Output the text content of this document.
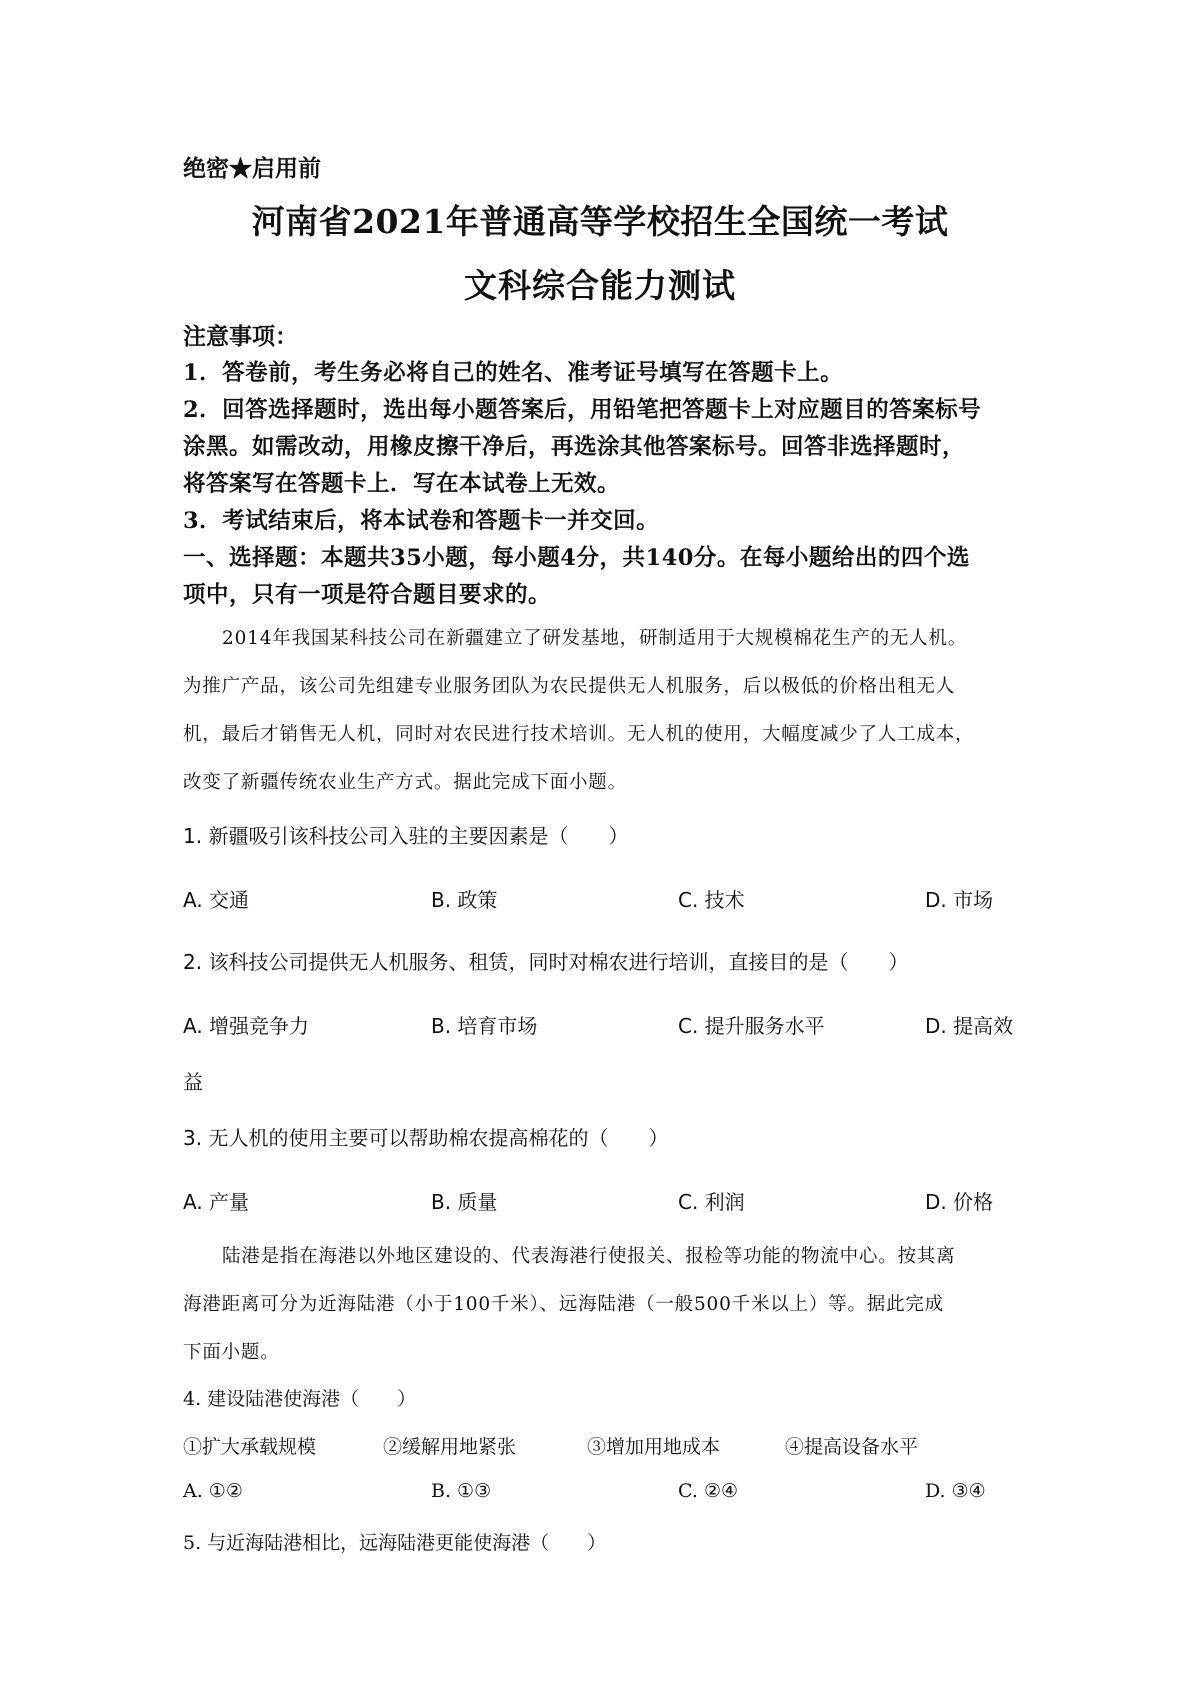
绝密★启用前
河南省2021年普通高等学校招生全国统一考试
文科综合能力测试
注意事项：
1．答卷前，考生务必将自己的姓名、准考证号填写在答题卡上。
2．回答选择题时，选出每小题答案后，用铅笔把答题卡上对应题目的答案标号
涂黑。如需改动，用橡皮擦干净后，再选涂其他答案标号。回答非选择题时，
将答案写在答题卡上．写在本试卷上无效。
3．考试结束后，将本试卷和答题卡一并交回。
一、选择题：本题共35小题，每小题4分，共140分。在每小题给出的四个选
项中，只有一项是符合题目要求的。
2014年我国某科技公司在新疆建立了研发基地，研制适用于大规模棉花生产的无人机。
为推广产品，该公司先组建专业服务团队为农民提供无人机服务，后以极低的价格出租无人
机，最后才销售无人机，同时对农民进行技术培训。无人机的使用，大幅度减少了人工成本，
改变了新疆传统农业生产方式。据此完成下面小题。
1. 新疆吸引该科技公司入驻的主要因素是（　　）
A. 交通	B. 政策	C. 技术	D. 市场
2. 该科技公司提供无人机服务、租赁，同时对棉农进行培训，直接目的是（　　）
A. 增强竞争力	B. 培育市场	C. 提升服务水平	D. 提高效
益
3. 无人机的使用主要可以帮助棉农提高棉花的（　　）
A. 产量	B. 质量	C. 利润	D. 价格
陆港是指在海港以外地区建设的、代表海港行使报关、报检等功能的物流中心。按其离
海港距离可分为近海陆港（小于100千米）、远海陆港（一般500千米以上）等。据此完成
下面小题。
4. 建设陆港使海港（　　）
①扩大承载规模	②缓解用地紧张	③增加用地成本	④提高设备水平
A. ①②	B. ①③	C. ②④	D. ③④
5. 与近海陆港相比，远海陆港更能使海港（　　）
